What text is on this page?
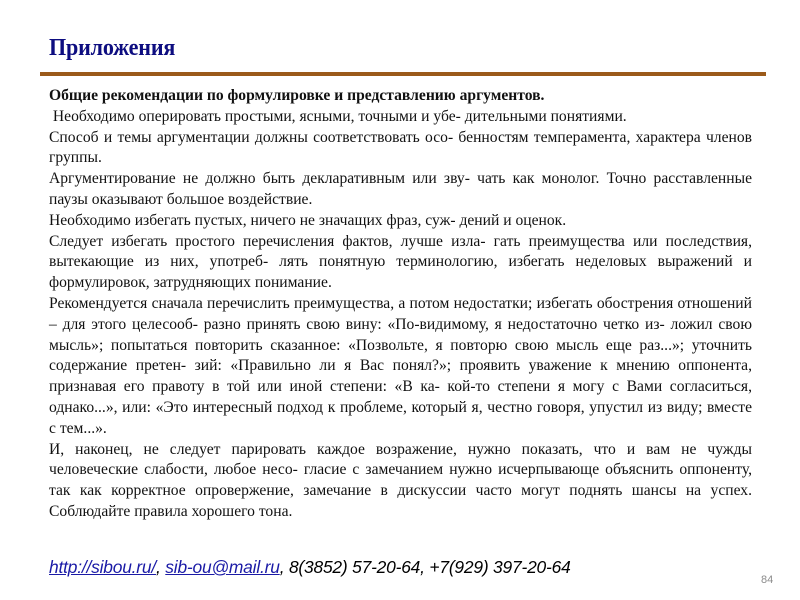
Приложения

Общие рекомендации по формулировке и представлению аргументов.

Необходимо оперировать простыми, ясными, точными и убе- дительными понятиями.

Способ и темы аргументации должны соответствовать осо- бенностям темперамента, характера членов группы.

Аргументирование не должно быть декларативным или зву- чать как монолог. Точно расставленные паузы оказывают большое воздействие.

Необходимо избегать пустых, ничего не значащих фраз, суж- дений и оценок.

Следует избегать простого перечисления фактов, лучше изла- гать преимущества или последствия, вытекающие из них, употреб- лять понятную терминологию, избегать неделовых выражений и формулировок, затрудняющих понимание.

Рекомендуется сначала перечислить преимущества, а потом недостатки; избегать обострения отношений – для этого целесооб- разно принять свою вину: «По-видимому, я недостаточно четко из- ложил свою мысль»; попытаться повторить сказанное: «Позвольте, я повторю свою мысль еще раз...»; уточнить содержание претен- зий: «Правильно ли я Вас понял?»; проявить уважение к мнению оппонента, признавая его правоту в той или иной степени: «В ка- кой-то степени я могу с Вами согласиться, однако...», или: «Это интересный подход к проблеме, который я, честно говоря, упустил из виду; вместе с тем...».

И, наконец, не следует парировать каждое возражение, нужно показать, что и вам не чужды человеческие слабости, любое несо- гласие с замечанием нужно исчерпывающе объяснить оппоненту, так как корректное опровержение, замечание в дискуссии часто могут поднять шансы на успех. Соблюдайте правила хорошего тона.

http://sibou.ru/, sib-ou@mail.ru, 8(3852) 57-20-64, +7(929) 397-20-64
84
